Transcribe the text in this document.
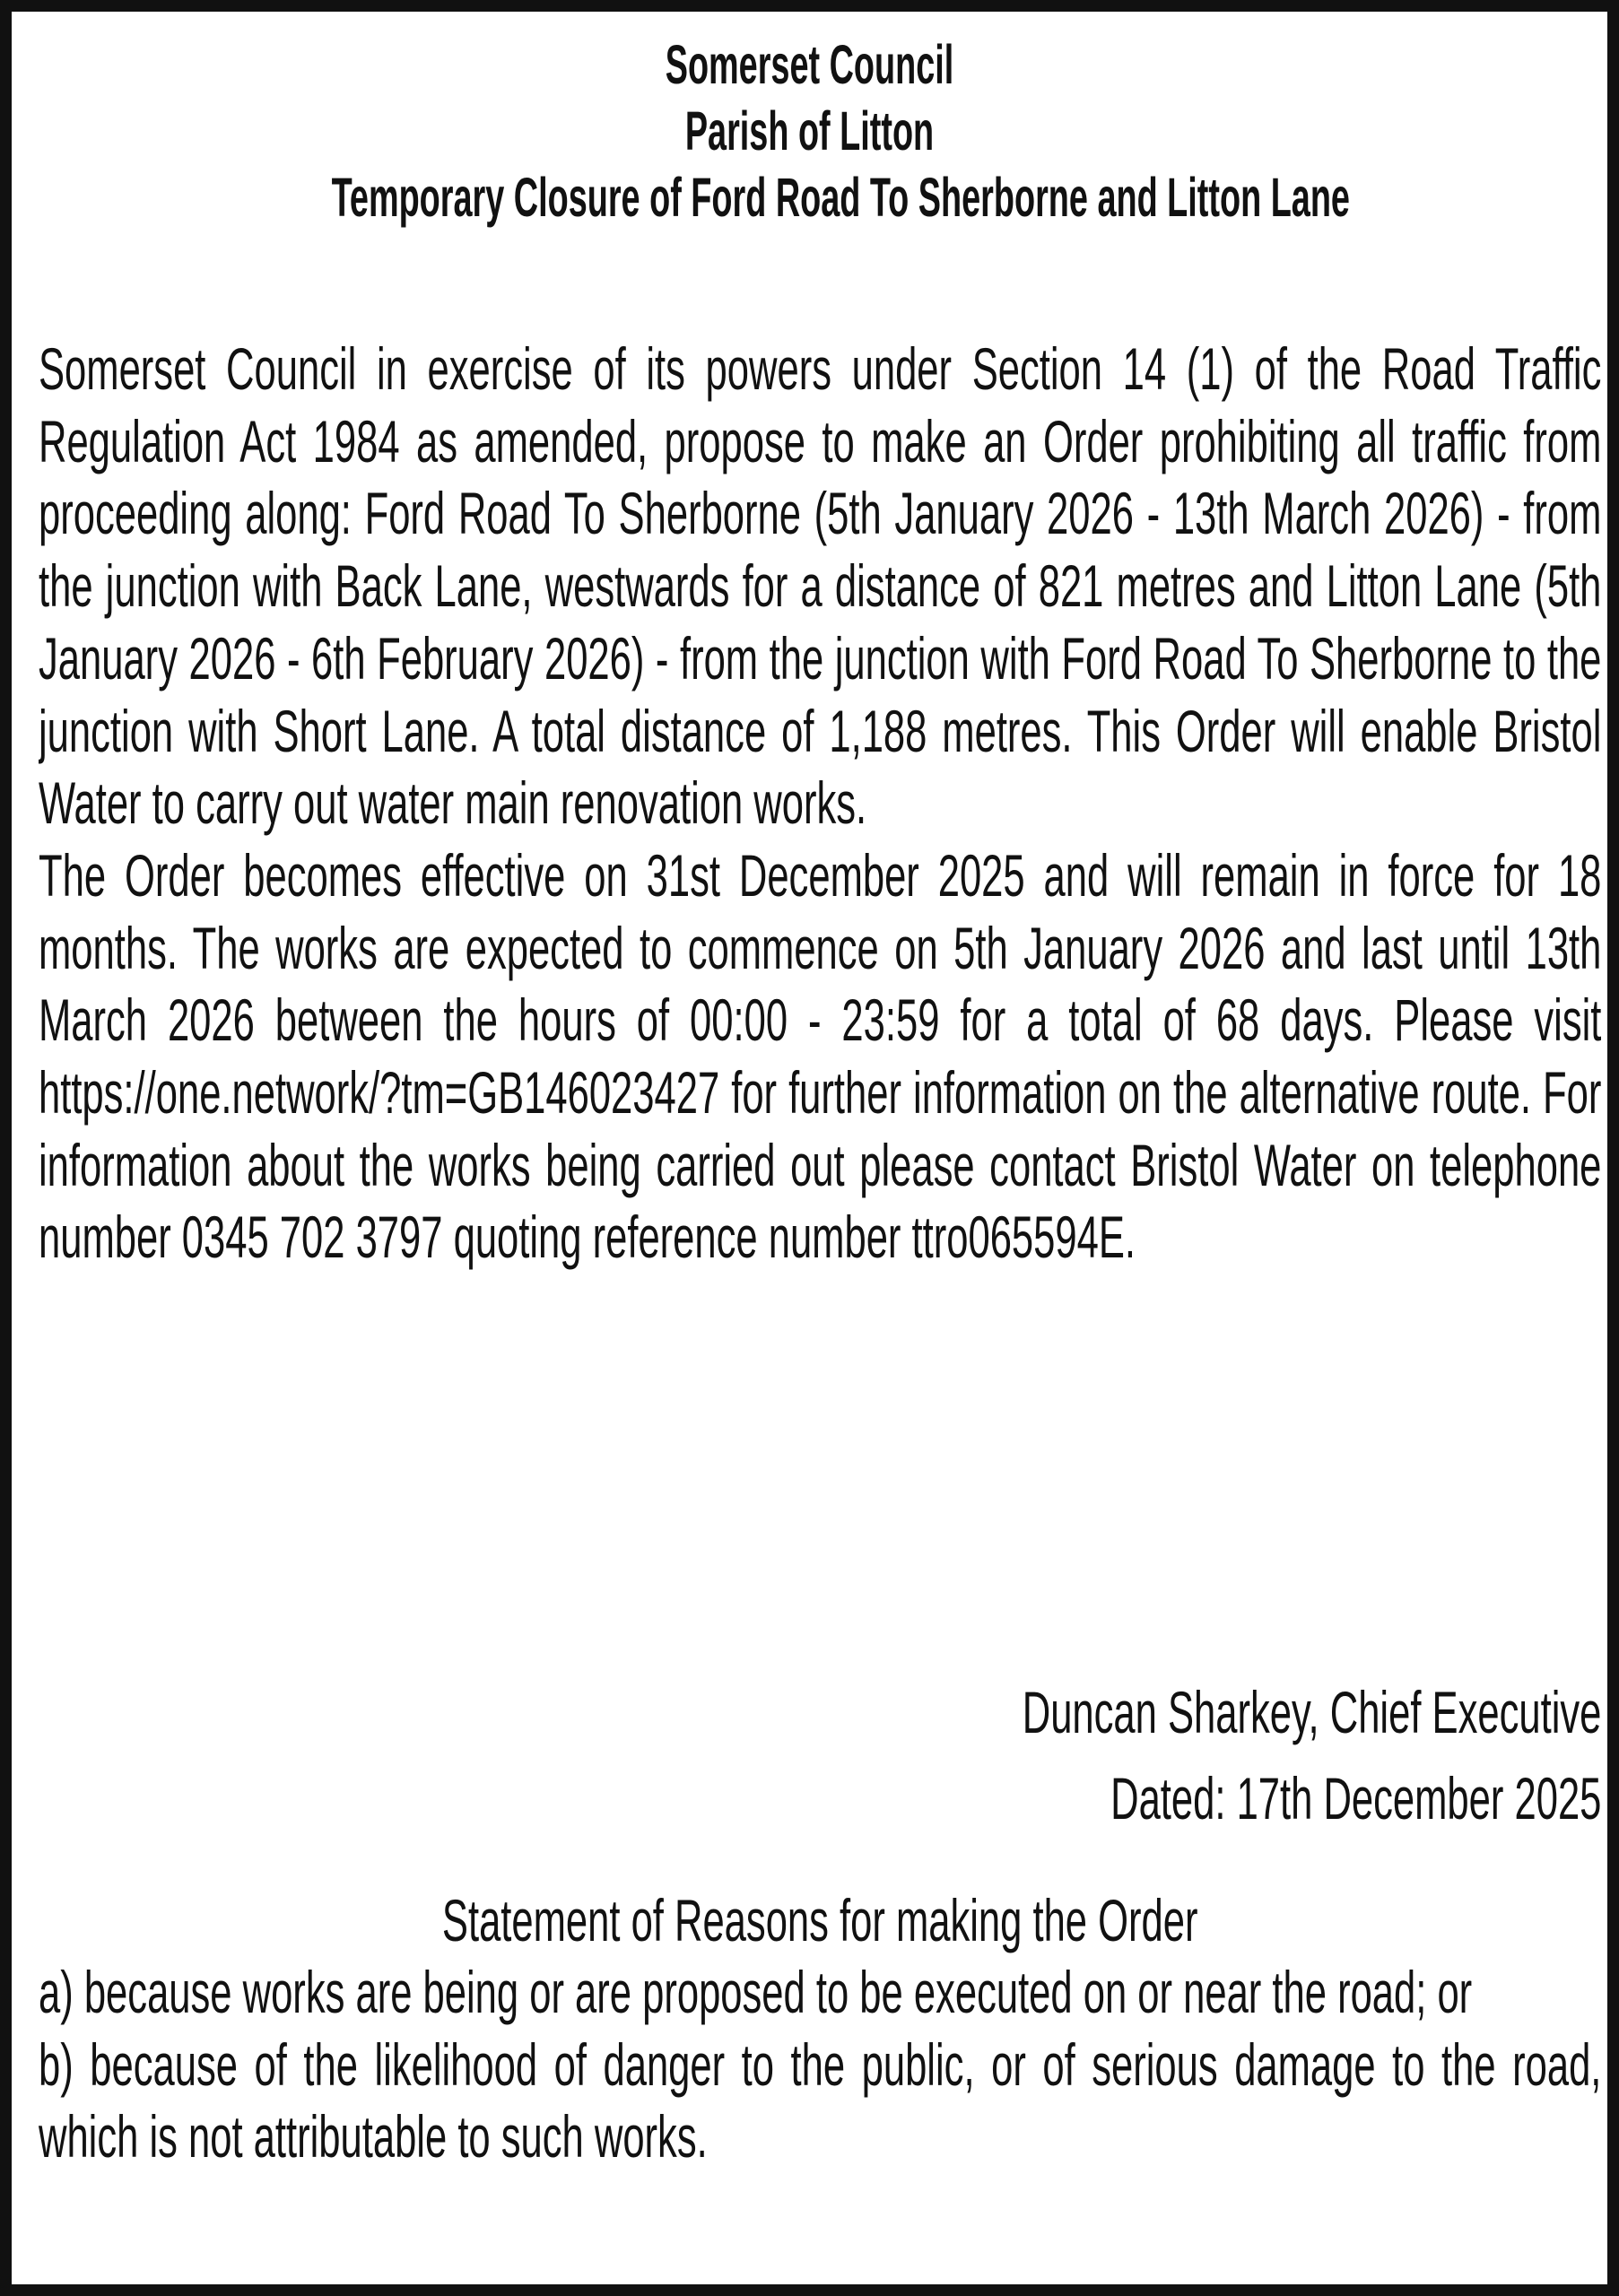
Somerset Council
Parish of Litton
Temporary Closure of Ford Road To Sherborne and Litton Lane

Somerset Council in exercise of its powers under Section 14 (1) of the Road Traffic Regulation Act 1984 as amended, propose to make an Order prohibiting all traffic from proceeding along: Ford Road To Sherborne (5th January 2026 - 13th March 2026) - from the junction with Back Lane, westwards for a distance of 821 metres and Litton Lane (5th January 2026 - 6th February 2026) - from the junction with Ford Road To Sherborne to the junction with Short Lane. A total distance of 1,188 metres. This Order will enable Bristol Water to carry out water main renovation works.

The Order becomes effective on 31st December 2025 and will remain in force for 18 months. The works are expected to commence on 5th January 2026 and last until 13th March 2026 between the hours of 00:00 - 23:59 for a total of 68 days. Please visit https://one.network/?tm=GB146023427 for further information on the alternative route. For information about the works being carried out please contact Bristol Water on telephone number 0345 702 3797 quoting reference number ttro065594E.

Duncan Sharkey, Chief Executive

Dated: 17th December 2025

Statement of Reasons for making the Order

a) because works are being or are proposed to be executed on or near the road; or
b) because of the likelihood of danger to the public, or of serious damage to the road, which is not attributable to such works.
